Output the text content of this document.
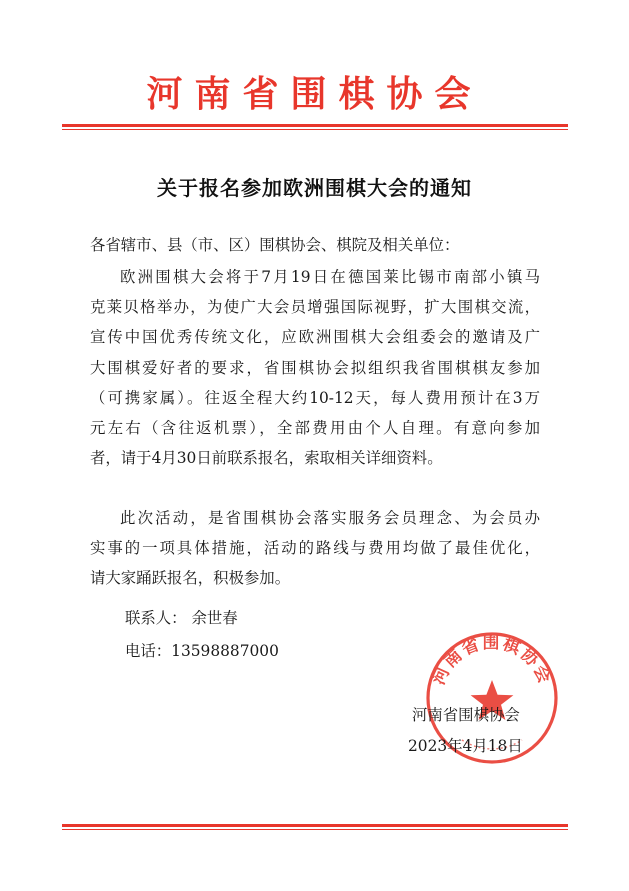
河南省围棋协会
关于报名参加欧洲围棋大会的通知
各省辖市、县（市、区）围棋协会、棋院及相关单位：
欧洲围棋大会将于7月19日在德国莱比锡市南部小镇马
克莱贝格举办，为使广大会员增强国际视野，扩大围棋交流，
宣传中国优秀传统文化，应欧洲围棋大会组委会的邀请及广
大围棋爱好者的要求，省围棋协会拟组织我省围棋棋友参加
（可携家属）。往返全程大约10-12天，每人费用预计在3万
元左右（含往返机票），全部费用由个人自理。有意向参加
者，请于4月30日前联系报名，索取相关详细资料。
此次活动，是省围棋协会落实服务会员理念、为会员办
实事的一项具体措施，活动的路线与费用均做了最佳优化，
请大家踊跃报名，积极参加。
联系人： 余世春
电话：13598887000
河南省围棋协会
河南省围棋协会
2023年4月18日
